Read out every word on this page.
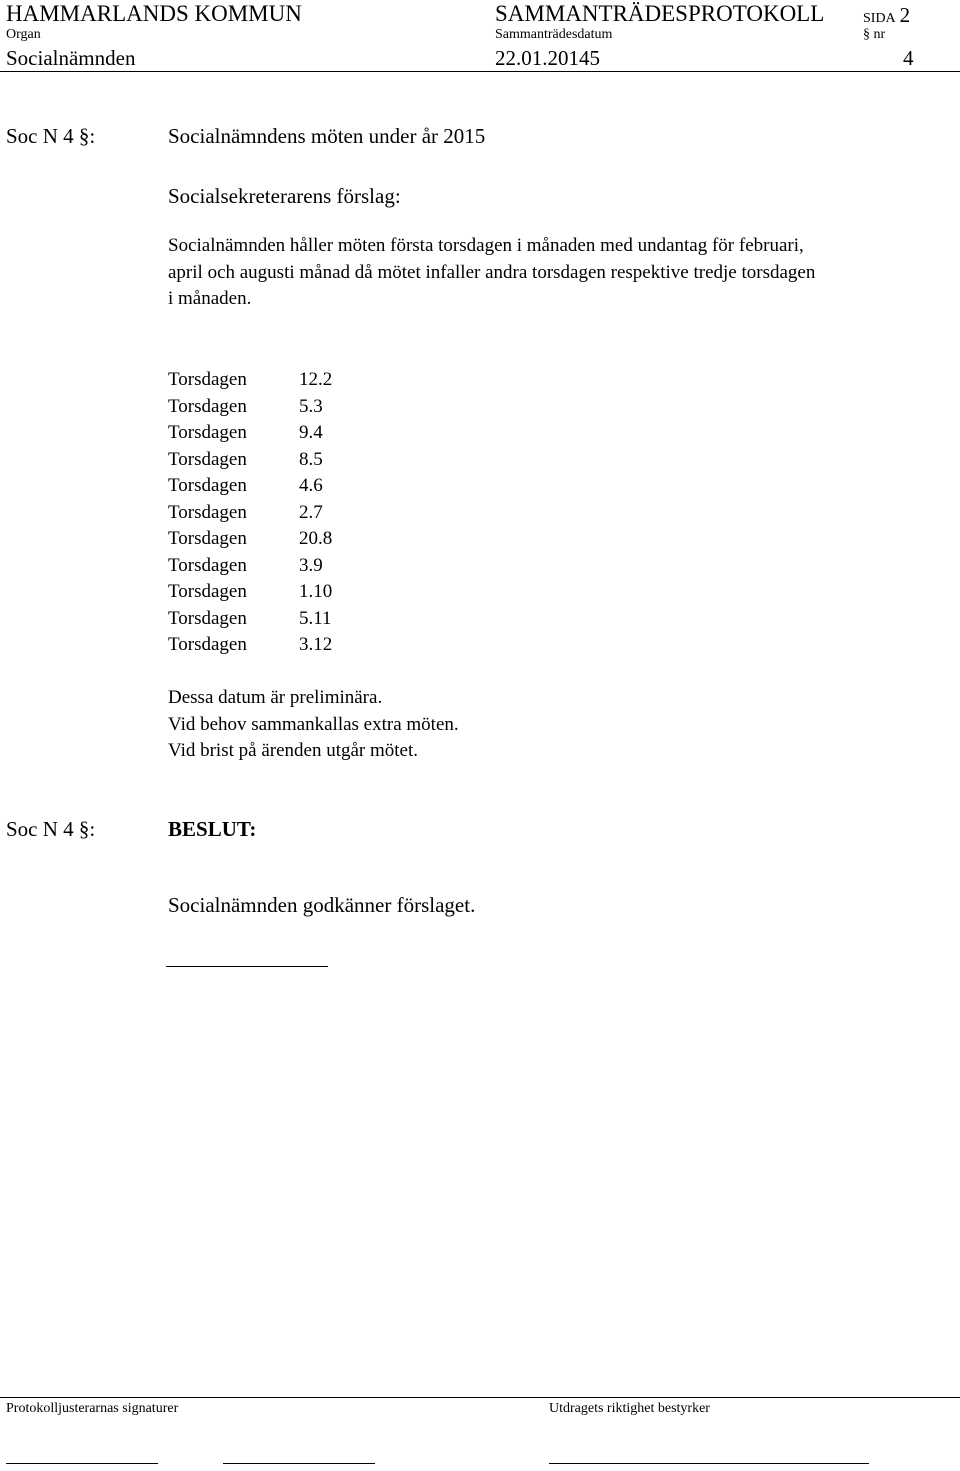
HAMMARLANDS KOMMUN	SAMMANTRÄDESPROTOKOLL	SIDA 2
Organ	Sammanträdesdatum	§ nr
Socialnämnden	22.01.20145	4
Soc N 4 §:	Socialnämndens möten under år 2015
Socialsekreterarens förslag:
Socialnämnden håller möten första torsdagen i månaden med undantag för februari,
april och augusti månad då mötet infaller andra torsdagen respektive tredje torsdagen
i månaden.
Torsdagen	12.2
Torsdagen	5.3
Torsdagen	9.4
Torsdagen	8.5
Torsdagen	4.6
Torsdagen	2.7
Torsdagen	20.8
Torsdagen	3.9
Torsdagen	1.10
Torsdagen	5.11
Torsdagen	3.12
Dessa datum är preliminära.
Vid behov sammankallas extra möten.
Vid brist på ärenden utgår mötet.
Soc N 4 §:	BESLUT:
Socialnämnden godkänner förslaget.
Protokolljusterarnas signaturer	Utdragets riktighet bestyrker
